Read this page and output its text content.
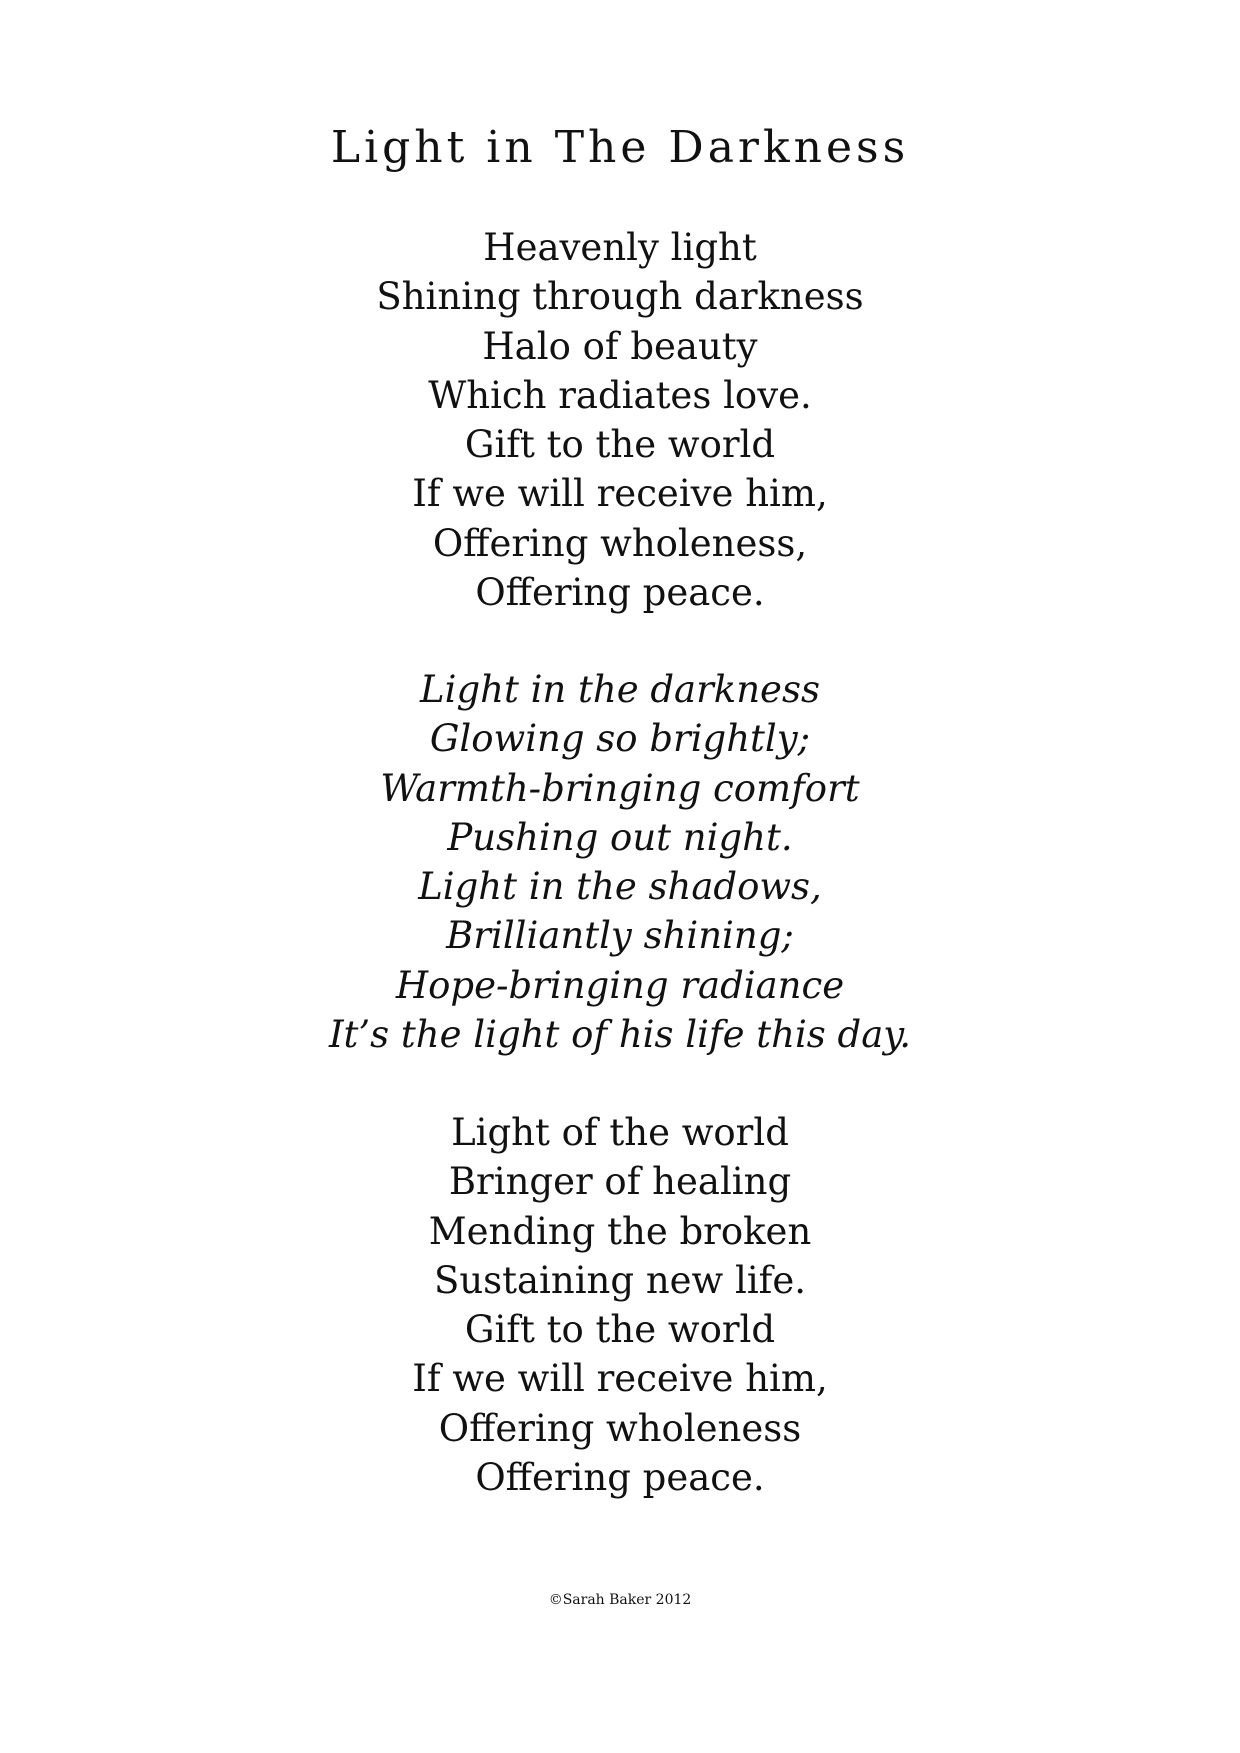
Light in The Darkness
Heavenly light
Shining through darkness
Halo of beauty
Which radiates love.
Gift to the world
If we will receive him,
Offering wholeness,
Offering peace.
Light in the darkness
Glowing so brightly;
Warmth-bringing comfort
Pushing out night.
Light in the shadows,
Brilliantly shining;
Hope-bringing radiance
It’s the light of his life this day.
Light of the world
Bringer of healing
Mending the broken
Sustaining new life.
Gift to the world
If we will receive him,
Offering wholeness
Offering peace.
©Sarah Baker 2012
